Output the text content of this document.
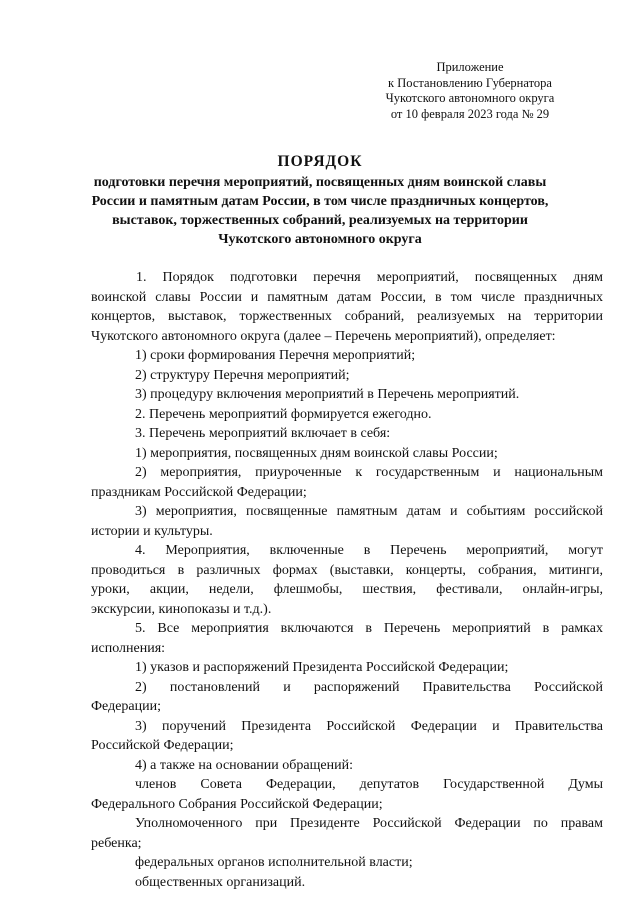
Приложение
к Постановлению Губернатора
Чукотского автономного округа
от 10 февраля 2023 года № 29
ПОРЯДОК
подготовки перечня мероприятий, посвященных дням воинской славы
России и памятным датам России, в том числе праздничных концертов,
выставок, торжественных собраний, реализуемых на территории
Чукотского автономного округа
1. Порядок подготовки перечня мероприятий, посвященных дням
воинской славы России и памятным датам России, в том числе праздничных
концертов, выставок, торжественных собраний, реализуемых на территории
Чукотского автономного округа (далее – Перечень мероприятий), определяет:
1) сроки формирования Перечня мероприятий;
2) структуру Перечня мероприятий;
3) процедуру включения мероприятий в Перечень мероприятий.
2. Перечень мероприятий формируется ежегодно.
3. Перечень мероприятий включает в себя:
1) мероприятия, посвященных дням воинской славы России;
2) мероприятия, приуроченные к государственным и национальным
праздникам Российской Федерации;
3) мероприятия, посвященные памятным датам и событиям российской
истории и культуры.
4. Мероприятия, включенные в Перечень мероприятий, могут
проводиться в различных формах (выставки, концерты, собрания, митинги,
уроки, акции, недели, флешмобы, шествия, фестивали, онлайн-игры,
экскурсии, кинопоказы и т.д.).
5. Все мероприятия включаются в Перечень мероприятий в рамках
исполнения:
1) указов и распоряжений Президента Российской Федерации;
2) постановлений и распоряжений Правительства Российской
Федерации;
3) поручений Президента Российской Федерации и Правительства
Российской Федерации;
4) а также на основании обращений:
членов Совета Федерации, депутатов Государственной Думы
Федерального Собрания Российской Федерации;
Уполномоченного при Президенте Российской Федерации по правам
ребенка;
федеральных органов исполнительной власти;
общественных организаций.
